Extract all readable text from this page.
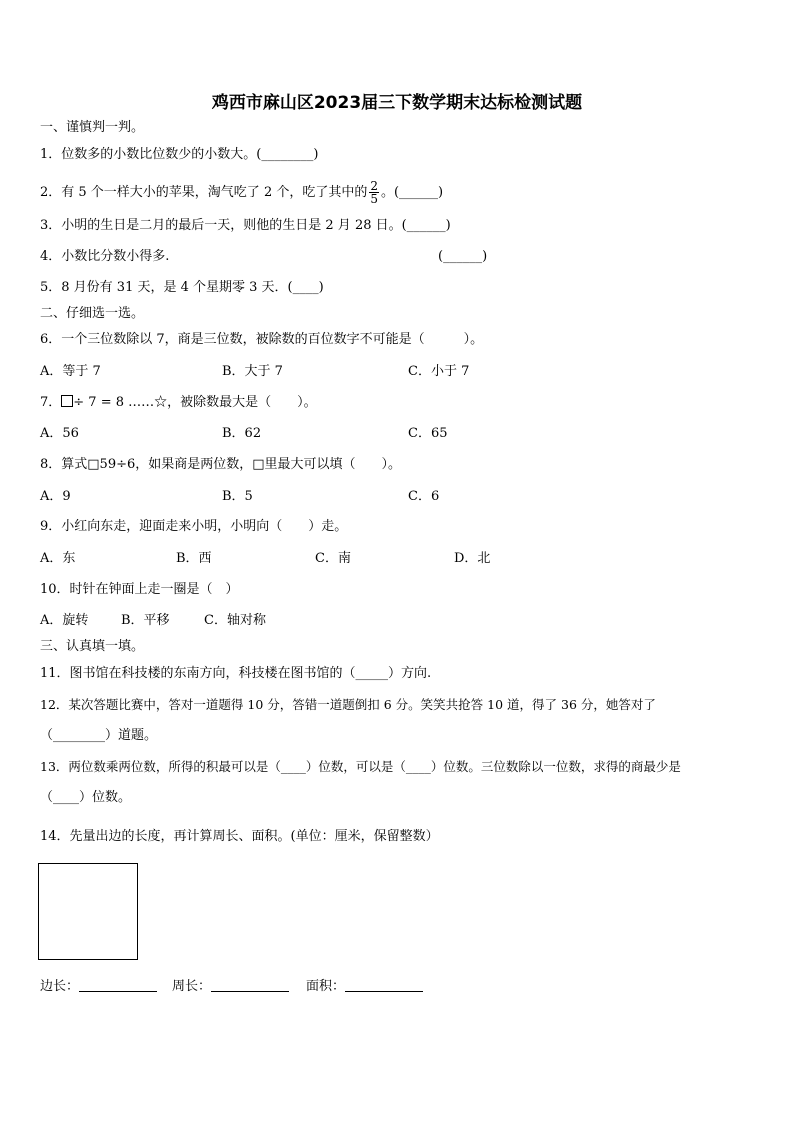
鸡西市麻山区2023届三下数学期末达标检测试题
一、谨慎判一判。
1．位数多的小数比位数少的小数大。(________)
2．有 5 个一样大小的苹果，淘气吃了 2 个，吃了其中的 $\frac{2}{5}$ 。(______)
3．小明的生日是二月的最后一天，则他的生日是 2 月 28 日。(______)
4．小数比分数小得多.	(______)
5．8 月份有 31 天，是 4 个星期零 3 天．(____)
二、仔细选一选。
6．一个三位数除以 7，商是三位数，被除数的百位数字不可能是（　　　）。
A．等于 7	B．大于 7	C．小于 7
7． ÷ 7 = 8 ……☆，被除数最大是（　　）。
A．56	B．62	C．65
8．算式□59÷6，如果商是两位数，□里最大可以填（　　）。
A．9	B．5	C．6
9．小红向东走，迎面走来小明，小明向（　　）走。
A．东	B．西	C．南	D．北
10．时针在钟面上走一圈是（　）
A．旋转	B．平移	C．轴对称
三、认真填一填。
11．图书馆在科技楼的东南方向，科技楼在图书馆的（_____）方向.
12．某次答题比赛中，答对一道题得 10 分，答错一道题倒扣 6 分。笑笑共抢答 10 道，得了 36 分，她答对了
（________）道题。
13．两位数乘两位数，所得的积最可以是（____）位数，可以是（____）位数。三位数除以一位数，求得的商最少是
（____）位数。
14．先量出边的长度，再计算周长、面积。(单位：厘米，保留整数）
边长：	周长：	面积：
